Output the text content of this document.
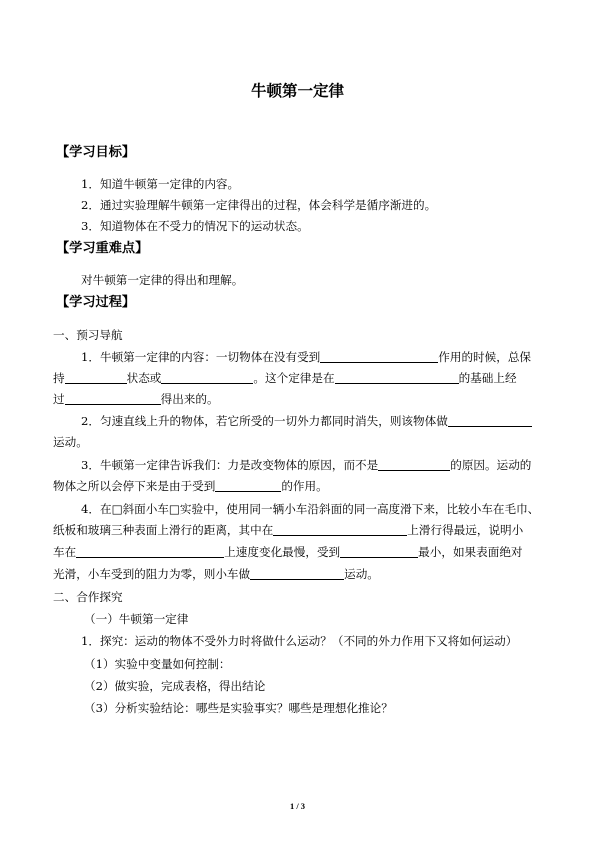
牛顿第一定律
【学习目标】
1．知道牛顿第一定律的内容。
2．通过实验理解牛顿第一定律得出的过程，体会科学是循序渐进的。
3．知道物体在不受力的情况下的运动状态。
【学习重难点】
对牛顿第一定律的得出和理解。
【学习过程】
一、预习导航
1．牛顿第一定律的内容：一切物体在没有受到	作用的时候，总保
持	状态或	。这个定律是在	的基础上经
过	得出来的。
2．匀速直线上升的物体，若它所受的一切外力都同时消失，则该物体做
运动。
3．牛顿第一定律告诉我们：力是改变物体的原因，而不是	的原因。运动的
物体之所以会停下来是由于受到	的作用。
4．在□斜面小车□实验中，使用同一辆小车沿斜面的同一高度滑下来，比较小车在毛巾、
纸板和玻璃三种表面上滑行的距离，其中在	上滑行得最远，说明小
车在	上速度变化最慢，受到	最小，如果表面绝对
光滑，小车受到的阻力为零，则小车做	运动。
二、合作探究
（一）牛顿第一定律
1．探究：运动的物体不受外力时将做什么运动？（不同的外力作用下又将如何运动）
（1）实验中变量如何控制：
（2）做实验，完成表格，得出结论
（3）分析实验结论：哪些是实验事实？哪些是理想化推论？
1 / 3
